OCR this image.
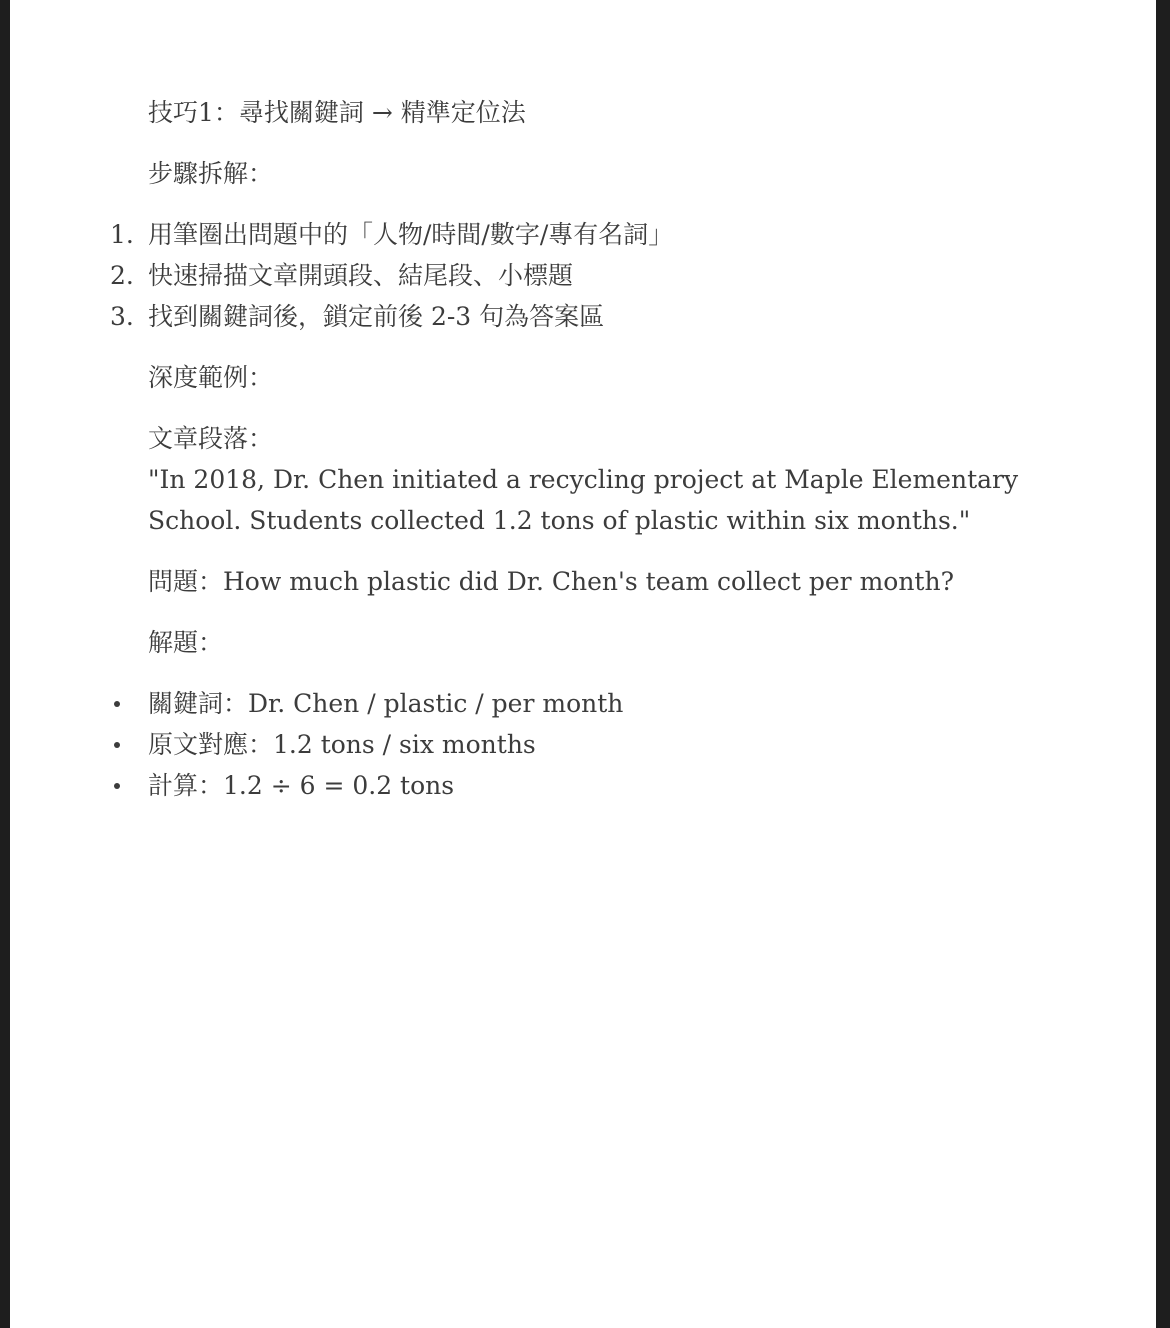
技巧1：尋找關鍵詞 → 精準定位法

步驟拆解：

1. 用筆圈出問題中的「人物/時間/數字/專有名詞」
2. 快速掃描文章開頭段、結尾段、小標題
3. 找到關鍵詞後，鎖定前後 2-3 句為答案區

深度範例：

文章段落：

"In 2018, Dr. Chen initiated a recycling project at Maple Elementary School. Students collected 1.2 tons of plastic within six months."

問題：How much plastic did Dr. Chen's team collect per month?

解題：

關鍵詞：Dr. Chen / plastic / per month
原文對應：1.2 tons / six months
計算：1.2 ÷ 6 = 0.2 tons
